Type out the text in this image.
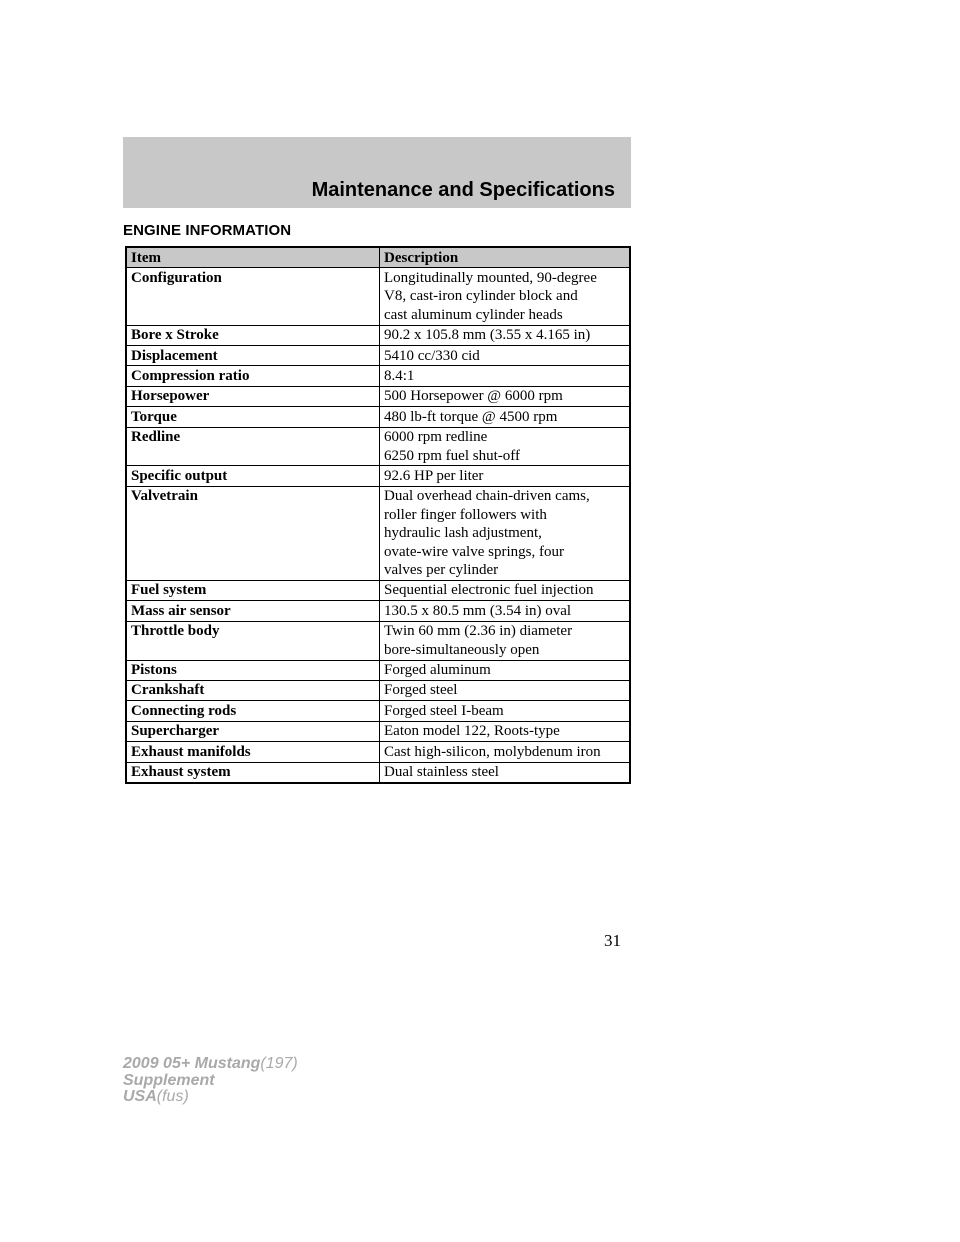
Maintenance and Specifications
ENGINE INFORMATION
Item	Description
Configuration	Longitudinally mounted, 90-degree
V8, cast-iron cylinder block and
cast aluminum cylinder heads

Bore x Stroke	90.2 x 105.8 mm (3.55 x 4.165 in)

Displacement	5410 cc/330 cid

Compression ratio	8.4:1

Horsepower	500 Horsepower @ 6000 rpm

Torque	480 lb-ft torque @ 4500 rpm

Redline	6000 rpm redline
6250 rpm fuel shut-off

Specific output	92.6 HP per liter

Valvetrain	Dual overhead chain-driven cams,
roller finger followers with
hydraulic lash adjustment,
ovate-wire valve springs, four
valves per cylinder

Fuel system	Sequential electronic fuel injection

Mass air sensor	130.5 x 80.5 mm (3.54 in) oval

Throttle body	Twin 60 mm (2.36 in) diameter
bore-simultaneously open

Pistons	Forged aluminum

Crankshaft	Forged steel

Connecting rods	Forged steel I-beam

Supercharger	Eaton model 122, Roots-type

Exhaust manifolds	Cast high-silicon, molybdenum iron

Exhaust system	Dual stainless steel
31
2009 05+ Mustang(197)
Supplement
USA(fus)
